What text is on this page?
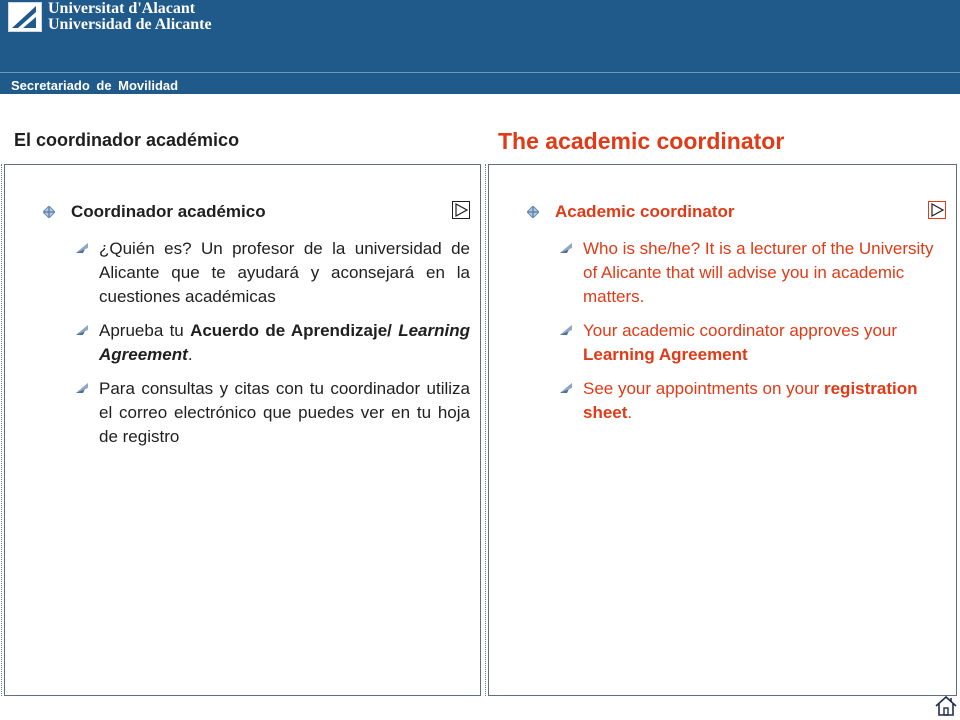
Universitat d'Alacant
Universidad de Alicante
Secretariado de Movilidad
El coordinador académico	The academic coordinator
Coordinador académico
¿Quién es? Un profesor de la universidad de Alicante que te ayudará y aconsejará en la cuestiones académicas
Aprueba tu Acuerdo de Aprendizaje/ Learning Agreement.
Para consultas y citas con tu coordinador utiliza el correo electrónico que puedes ver en tu hoja de registro
Academic coordinator
Who is she/he? It is a lecturer of the University of Alicante that will advise you in academic matters.
Your academic coordinator approves your Learning Agreement
See your appointments on your registration sheet.
